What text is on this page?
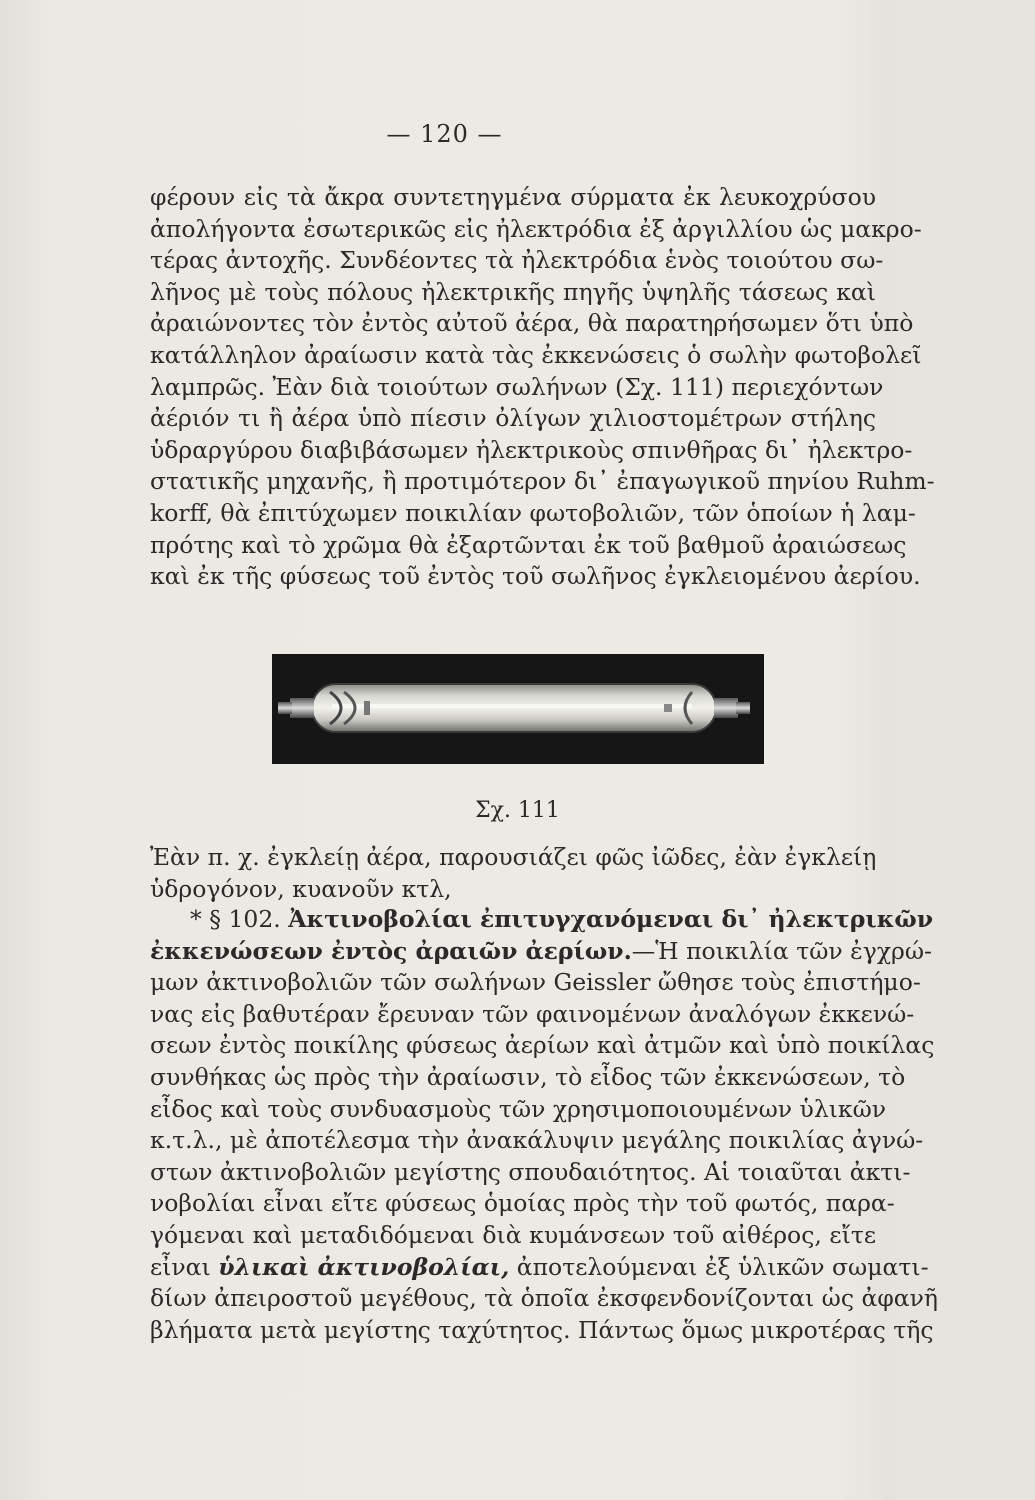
— 120 —
φέρουν εἰς τὰ ἄκρα συντετηγμένα σύρματα ἐκ λευκοχρύσου
ἀπολήγοντα ἐσωτερικῶς εἰς ἠλεκτρόδια ἐξ ἀργιλλίου ὡς μακρο-
τέρας ἀντοχῆς. Συνδέοντες τὰ ἠλεκτρόδια ἑνὸς τοιούτου σω-
λῆνος μὲ τοὺς πόλους ἠλεκτρικῆς πηγῆς ὑψηλῆς τάσεως καὶ
ἀραιώνοντες τὸν ἐντὸς αὐτοῦ ἀέρα, θὰ παρατηρήσωμεν ὅτι ὑπὸ
κατάλληλον ἀραίωσιν κατὰ τὰς ἐκκενώσεις ὁ σωλὴν φωτοβολεῖ
λαμπρῶς. Ἐὰν διὰ τοιούτων σωλήνων (Σχ. 111) περιεχόντων
ἀέριόν τι ἢ ἀέρα ὑπὸ πίεσιν ὀλίγων χιλιοστομέτρων στήλης
ὑδραργύρου διαβιβάσωμεν ἠλεκτρικοὺς σπινθῆρας δι᾿ ἠλεκτρο-
στατικῆς μηχανῆς, ἢ προτιμότερον δι᾿ ἐπαγωγικοῦ πηνίου Ruhm-
korff, θὰ ἐπιτύχωμεν ποικιλίαν φωτοβολιῶν, τῶν ὁποίων ἡ λαμ-
πρότης καὶ τὸ χρῶμα θὰ ἐξαρτῶνται ἐκ τοῦ βαθμοῦ ἀραιώσεως
καὶ ἐκ τῆς φύσεως τοῦ ἐντὸς τοῦ σωλῆνος ἐγκλειομένου ἀερίου.
Σχ. 111
Ἐὰν π. χ. ἐγκλείῃ ἀέρα, παρουσιάζει φῶς ἰῶδες, ἐὰν ἐγκλείῃ
ὑδρογόνον, κυανοῦν κτλ,
* § 102. Ἀκτινοβολίαι ἐπιτυγχανόμεναι δι᾿ ἠλεκτρικῶν
ἐκκενώσεων ἐντὸς ἀραιῶν ἀερίων.—Ἡ ποικιλία τῶν ἐγχρώ-
μων ἀκτινοβολιῶν τῶν σωλήνων Geissler ὤθησε τοὺς ἐπιστήμο-
νας εἰς βαθυτέραν ἔρευναν τῶν φαινομένων ἀναλόγων ἐκκενώ-
σεων ἐντὸς ποικίλης φύσεως ἀερίων καὶ ἀτμῶν καὶ ὑπὸ ποικίλας
συνθήκας ὡς πρὸς τὴν ἀραίωσιν, τὸ εἶδος τῶν ἐκκενώσεων, τὸ
εἶδος καὶ τοὺς συνδυασμοὺς τῶν χρησιμοποιουμένων ὑλικῶν
κ.τ.λ., μὲ ἀποτέλεσμα τὴν ἀνακάλυψιν μεγάλης ποικιλίας ἀγνώ-
στων ἀκτινοβολιῶν μεγίστης σπουδαιότητος. Αἱ τοιαῦται ἀκτι-
νοβολίαι εἶναι εἴτε φύσεως ὁμοίας πρὸς τὴν τοῦ φωτός, παρα-
γόμεναι καὶ μεταδιδόμεναι διὰ κυμάνσεων τοῦ αἰθέρος, εἴτε
εἶναι ὑλικαὶ ἀκτινοβολίαι, ἀποτελούμεναι ἐξ ὑλικῶν σωματι-
δίων ἀπειροστοῦ μεγέθους, τὰ ὁποῖα ἐκσφενδονίζονται ὡς ἀφανῆ
βλήματα μετὰ μεγίστης ταχύτητος. Πάντως ὅμως μικροτέρας τῆς
